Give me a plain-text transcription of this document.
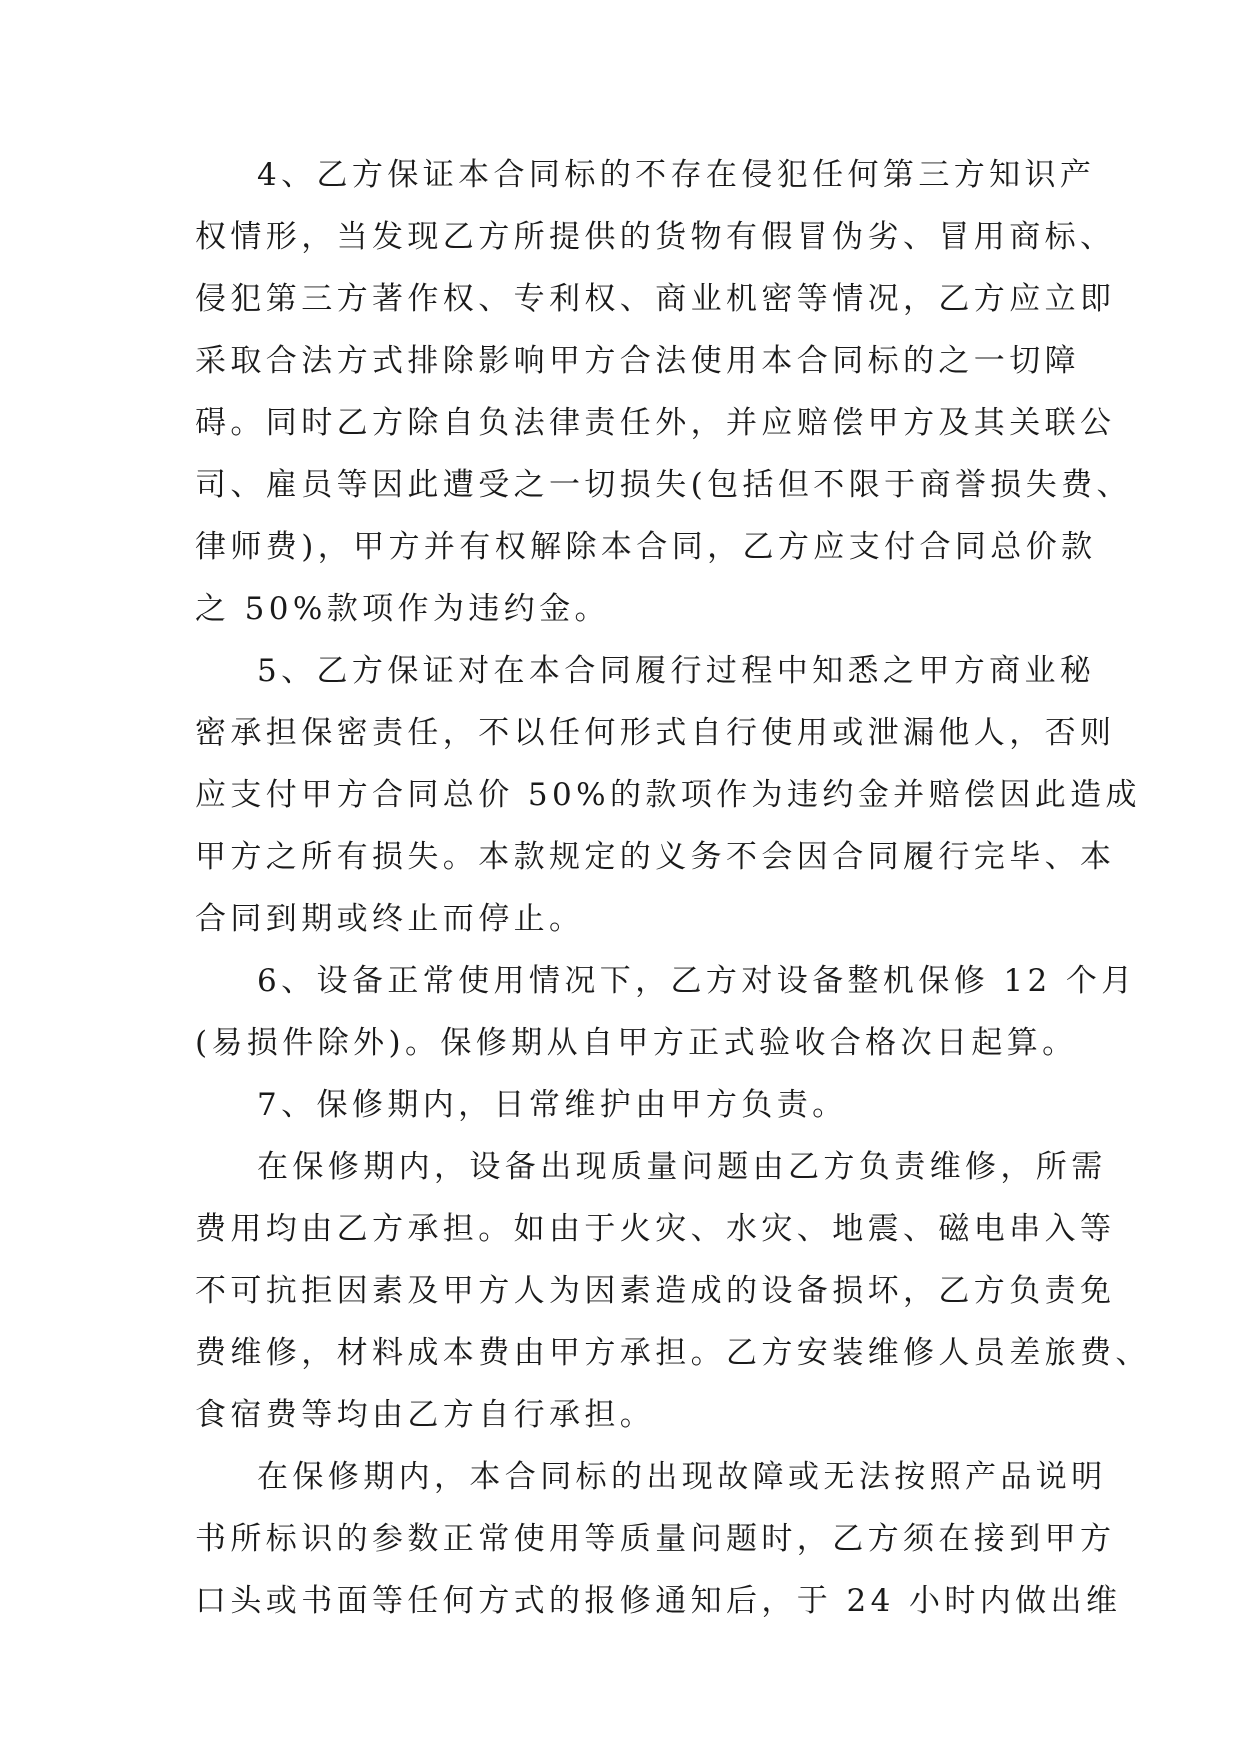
4、乙方保证本合同标的不存在侵犯任何第三方知识产
权情形，当发现乙方所提供的货物有假冒伪劣、冒用商标、
侵犯第三方著作权、专利权、商业机密等情况，乙方应立即
采取合法方式排除影响甲方合法使用本合同标的之一切障
碍。同时乙方除自负法律责任外，并应赔偿甲方及其关联公
司、雇员等因此遭受之一切损失(包括但不限于商誉损失费、
律师费)，甲方并有权解除本合同，乙方应支付合同总价款
之 50%款项作为违约金。
5、乙方保证对在本合同履行过程中知悉之甲方商业秘
密承担保密责任，不以任何形式自行使用或泄漏他人，否则
应支付甲方合同总价 50%的款项作为违约金并赔偿因此造成
甲方之所有损失。本款规定的义务不会因合同履行完毕、本
合同到期或终止而停止。
6、设备正常使用情况下，乙方对设备整机保修 12 个月
(易损件除外)。保修期从自甲方正式验收合格次日起算。
7、保修期内，日常维护由甲方负责。
在保修期内，设备出现质量问题由乙方负责维修，所需
费用均由乙方承担。如由于火灾、水灾、地震、磁电串入等
不可抗拒因素及甲方人为因素造成的设备损坏，乙方负责免
费维修，材料成本费由甲方承担。乙方安装维修人员差旅费、
食宿费等均由乙方自行承担。
在保修期内，本合同标的出现故障或无法按照产品说明
书所标识的参数正常使用等质量问题时，乙方须在接到甲方
口头或书面等任何方式的报修通知后，于 24 小时内做出维
